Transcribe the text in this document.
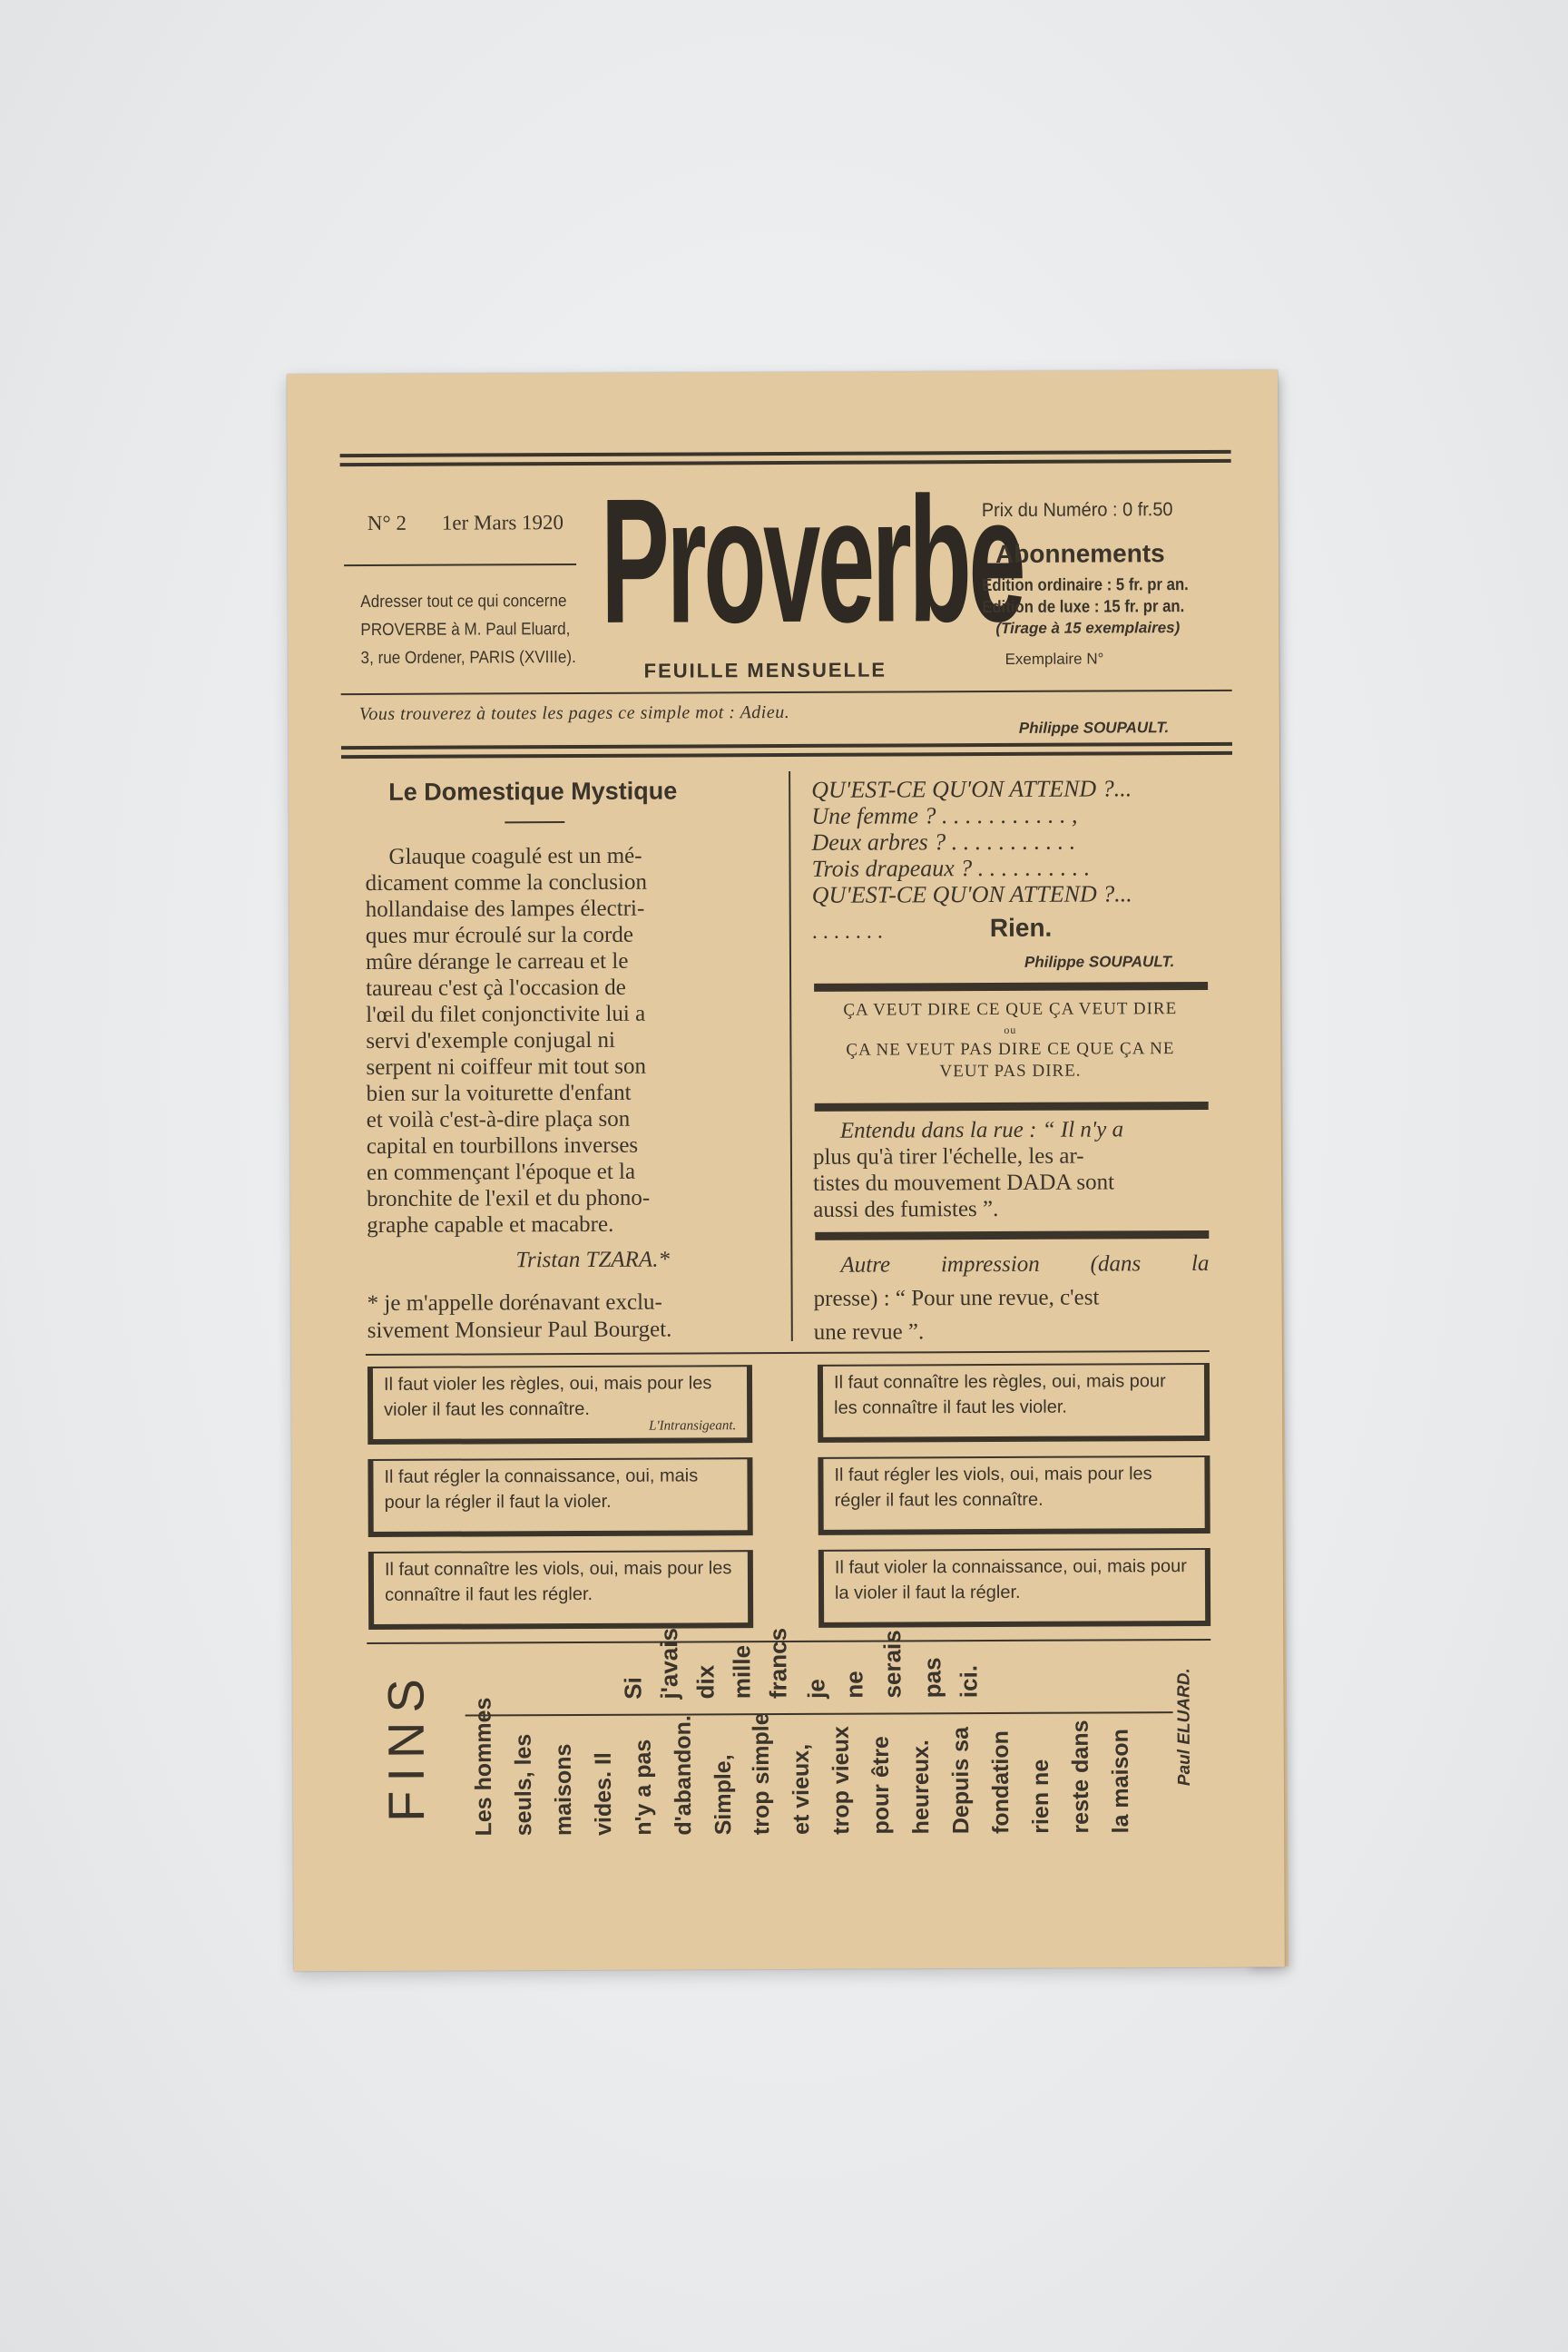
N° 2 1er Mars 1920
Adresser tout ce qui concerne
PROVERBE à M. Paul Eluard,
3, rue Ordener, PARIS (XVIIIe). Proverbe
FEUILLE MENSUELLE
Prix du Numéro : 0 fr.50
Abonnements
Edition ordinaire : 5 fr. pr an.
Edition de luxe : 15 fr. pr an.
(Tirage à 15 exemplaires)
Exemplaire N°
Vous trouverez à toutes les pages ce simple mot : Adieu.
Philippe SOUPAULT.
Le Domestique Mystique
Glauque coagulé est un mé-
dicament comme la conclusion
hollandaise des lampes électri-
ques mur écroulé sur la corde
mûre dérange le carreau et le
taureau c'est çà l'occasion de
l'œil du filet conjonctivite lui a
servi d'exemple conjugal ni
serpent ni coiffeur mit tout son
bien sur la voiturette d'enfant
et voilà c'est-à-dire plaça son
capital en tourbillons inverses
en commençant l'époque et la
bronchite de l'exil et du phono-
graphe capable et macabre.
Tristan TZARA.*
* je m'appelle dorénavant exclu-
sivement Monsieur Paul Bourget.
QU'EST-CE QU'ON ATTEND ?...
Une femme ? . . . . . . . . . . . ,
Deux arbres ? . . . . . . . . . . .
Trois drapeaux ? . . . . . . . . . .
QU'EST-CE QU'ON ATTEND ?...
. . . . . . .	Rien.
Philippe SOUPAULT.
ÇA VEUT DIRE CE QUE ÇA VEUT DIRE
ou
ÇA NE VEUT PAS DIRE CE QUE ÇA NE
VEUT PAS DIRE.
Entendu dans la rue : “ Il n'y a
plus qu'à tirer l'échelle, les ar-
tistes du mouvement DADA sont
aussi des fumistes ”.
Autre impression (dans la
presse) : “ Pour une revue, c'est
une revue ”.
Il faut violer les règles, oui, mais pour les violer il faut les connaître.
L'Intransigeant.
Il faut connaître les règles, oui, mais pour les connaître il faut les violer.
Il faut régler la connaissance, oui, mais pour la régler il faut la violer.
Il faut régler les viols, oui, mais pour les régler il faut les connaître.
Il faut connaître les viols, oui, mais pour les connaître il faut les régler.
Il faut violer la connaissance, oui, mais pour la violer il faut la régler.
FINS	Si j'avais dix mille francs je ne serais pas ici.
Les hommes seuls, les maisons vides. Il n'y a pas d'abandon. Simple, trop simple et vieux, trop vieux pour être heureux. Depuis sa fondation rien ne reste dans la maison Paul ELUARD.
